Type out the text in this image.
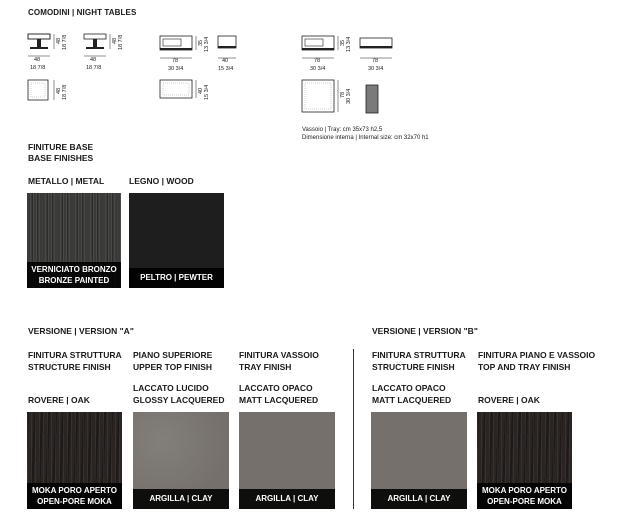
COMODINI | NIGHT TABLES
48
18 7/8
48
18 7/8
48 18 7/8	48 18 7/8
48 18 7/8
78
30 3/4
40
15 3/4
35 13 3/4
40 15 3/4
78
30 3/4
78
30 3/4
35 13 3/4
78 30 3/4
Vassoio | Tray: cm 35x73 h2,5
Dimensione interna | Internal size: cm 32x70 h1
FINITURE BASE
BASE FINISHES
METALLO | METAL	LEGNO | WOOD
VERNICIATO BRONZO
BRONZE PAINTED	PELTRO | PEWTER
VERSIONE | VERSION "A"
FINITURA STRUTTURA
STRUCTURE FINISH
ROVERE | OAK
PIANO SUPERIORE
UPPER TOP FINISH
LACCATO LUCIDO
GLOSSY LACQUERED
FINITURA VASSOIO
TRAY FINISH
LACCATO OPACO
MATT LACQUERED
MOKA PORO APERTO
OPEN-PORE MOKA	ARGILLA | CLAY	ARGILLA | CLAY
VERSIONE | VERSION "B"
FINITURA STRUTTURA
STRUCTURE FINISH
LACCATO OPACO
MATT LACQUERED
FINITURA PIANO E VASSOIO
TOP AND TRAY FINISH
ROVERE | OAK
ARGILLA | CLAY
MOKA PORO APERTO
OPEN-PORE MOKA
